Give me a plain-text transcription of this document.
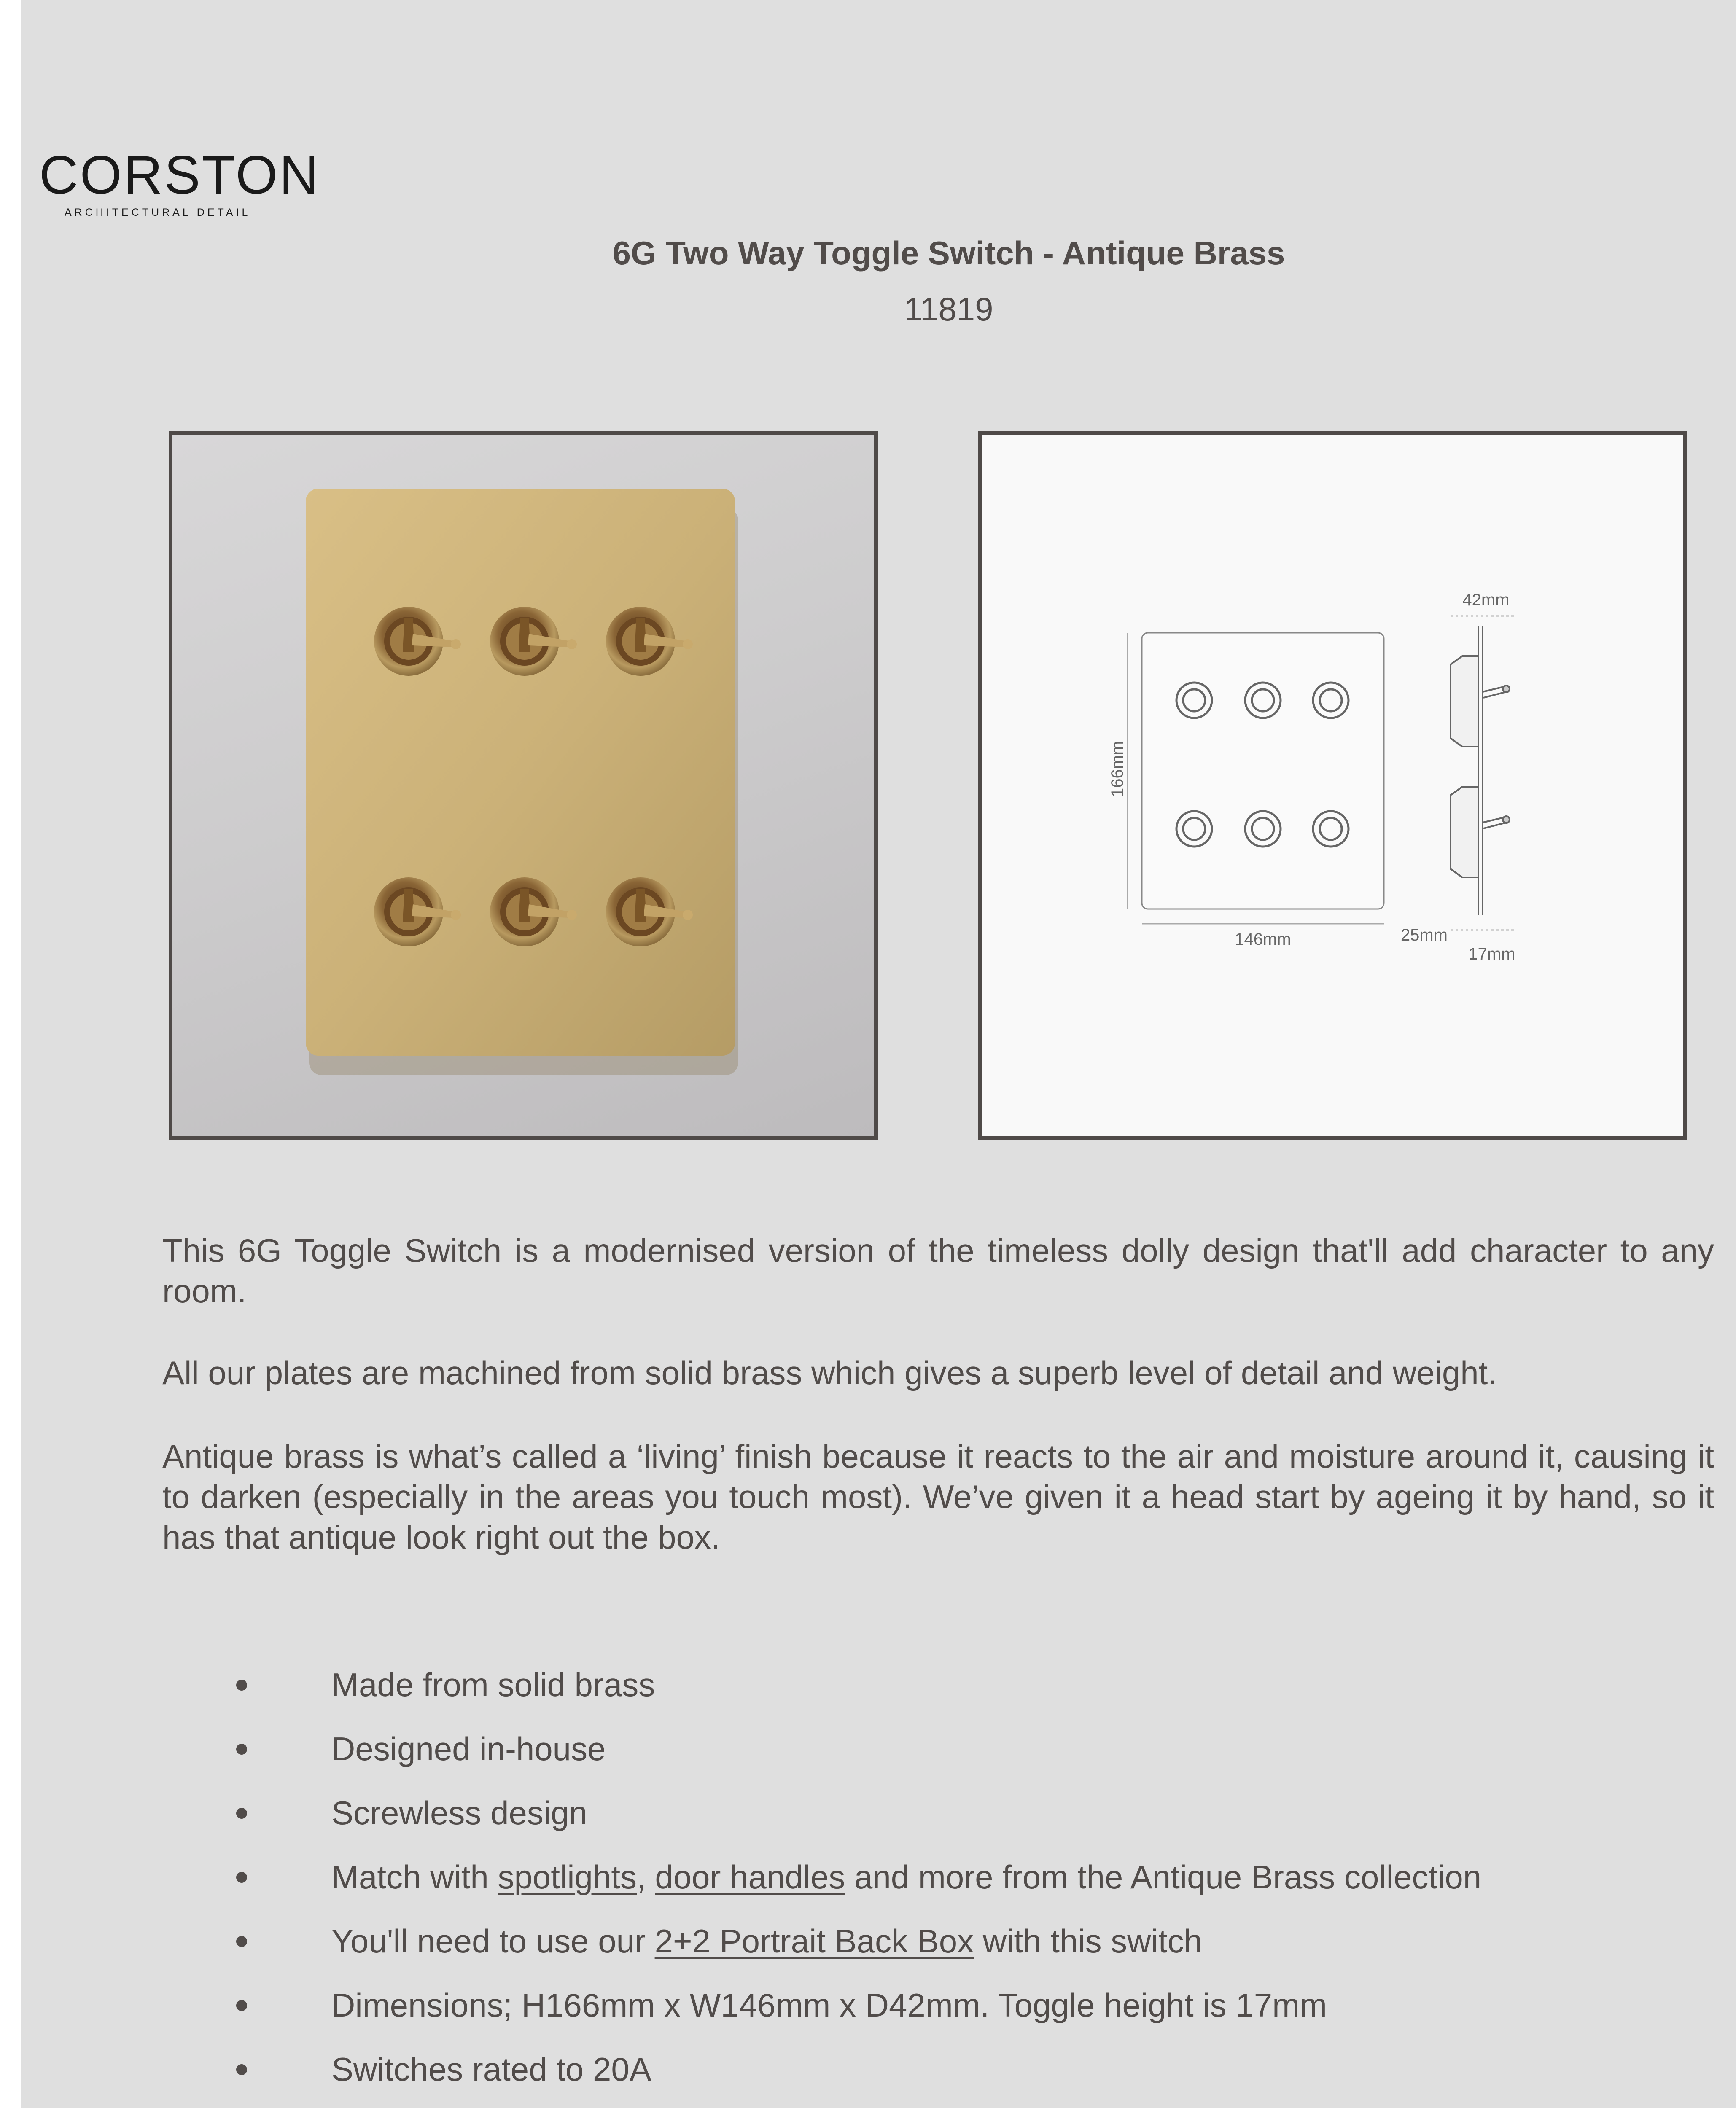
CORSTON
ARCHITECTURAL DETAIL
6G Two Way Toggle Switch - Antique Brass
11819
166mm
146mm
42mm
25mm
17mm

This 6G Toggle Switch is a modernised version of the timeless dolly design that'll add character to any room.

All our plates are machined from solid brass which gives a superb level of detail and weight.

Antique brass is what’s called a ‘living’ finish because it reacts to the air and moisture around it, causing it to darken (especially in the areas you touch most). We’ve given it a head start by ageing it by hand, so it has that antique look right out the box.

Made from solid brass
Designed in-house
Screwless design
Match with spotlights, door handles and more from the Antique Brass collection
You'll need to use our 2+2 Portrait Back Box with this switch
Dimensions; H166mm x W146mm x D42mm. Toggle height is 17mm
Switches rated to 20A
